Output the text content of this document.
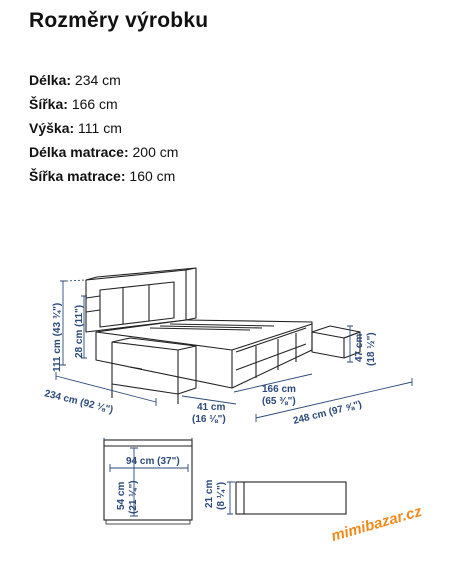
Rozměry výrobku
Délka: 234 cm
Šířka: 166 cm
Výška: 111 cm
Délka matrace: 200 cm
Šířka matrace: 160 cm
111 cm (43 ¾") 28 cm (11")
234 cm (92 ⅛")	41 cm
(16 ⅛")
166 cm
(65 ⅜")
248 cm (97 ⅝")
47 cm (18 ½")
94 cm (37")
54 cm (21 ¼")	21 cm (8 ¼")
mimibazar.cz
